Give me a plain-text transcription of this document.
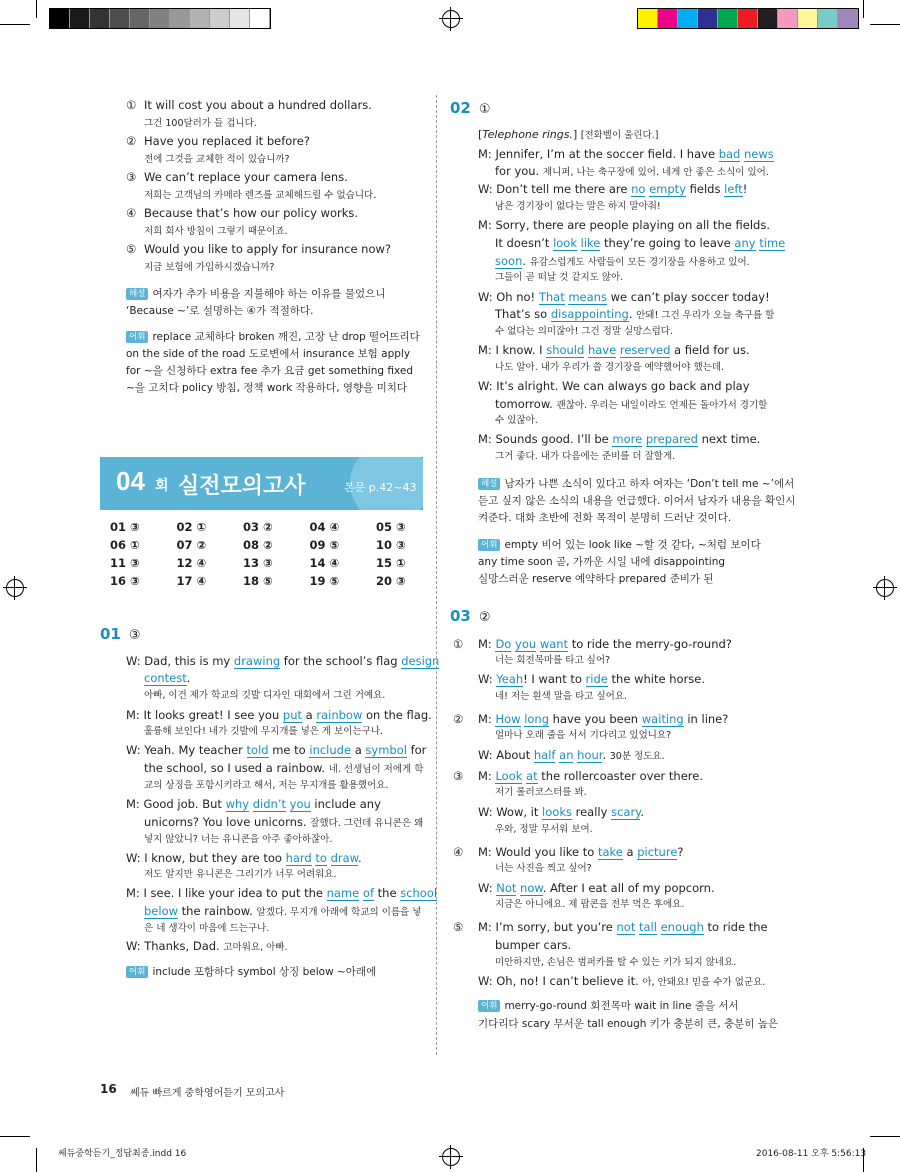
① It will cost you about a hundred dollars.
그건 100달러가 들 겁니다.
② Have you replaced it before?
전에 그것을 교체한 적이 있습니까?
③ We can’t replace your camera lens.
저희는 고객님의 카메라 렌즈를 교체해드릴 수 없습니다.
④ Because that’s how our policy works.
저희 회사 방침이 그렇기 때문이죠.
⑤ Would you like to apply for insurance now?
지금 보험에 가입하시겠습니까?
해설 여자가 추가 비용을 지불해야 하는 이유를 물었으니
‘Because ~’로 설명하는 ④가 적절하다.
어휘 replace 교체하다 broken 깨진, 고장 난 drop 떨어뜨리다
on the side of the road 도로변에서 insurance 보험 apply
for ~을 신청하다 extra fee 추가 요금 get something fixed
~을 고치다 policy 방침, 정책 work 작용하다, 영향을 미치다
04 회 실전모의고사	본문 p.42~43
01 ③	02 ①	03 ②	04 ④	05 ③
06 ①	07 ②	08 ②	09 ⑤	10 ③
11 ③	12 ④	13 ③	14 ④	15 ①
16 ③	17 ④	18 ⑤	19 ⑤	20 ③
01 ③
W: Dad, this is my drawing for the school’s flag design
contest.
아빠, 이건 제가 학교의 깃발 디자인 대회에서 그린 거예요.
M: It looks great! I see you put a rainbow on the flag.
훌륭해 보인다! 네가 깃발에 무지개를 넣은 게 보이는구나.
W: Yeah. My teacher told me to include a symbol for
the school, so I used a rainbow. 네. 선생님이 저에게 학
교의 상징을 포함시키라고 해서, 저는 무지개를 활용했어요.
M: Good job. But why didn’t you include any
unicorns? You love unicorns. 잘했다. 그런데 유니콘은 왜
넣지 않았니? 너는 유니콘을 아주 좋아하잖아.
W: I know, but they are too hard to draw.
저도 알지만 유니콘은 그리기가 너무 어려워요.
M: I see. I like your idea to put the name of the school
below the rainbow. 알겠다. 무지개 아래에 학교의 이름을 넣
은 네 생각이 마음에 드는구나.
W: Thanks, Dad. 고마워요, 아빠.
어휘 include 포함하다 symbol 상징 below ~아래에
02 ①
[Telephone rings.] [전화벨이 울린다.]
M: Jennifer, I’m at the soccer field. I have bad news
for you. 제니퍼, 나는 축구장에 있어. 네게 안 좋은 소식이 있어.
W: Don’t tell me there are no empty fields left!
남은 경기장이 없다는 말은 하지 말아줘!
M: Sorry, there are people playing on all the fields.
It doesn’t look like they’re going to leave any time
soon. 유감스럽게도 사람들이 모든 경기장을 사용하고 있어.
그들이 곧 떠날 것 같지도 않아.
W: Oh no! That means we can’t play soccer today!
That’s so disappointing. 안돼! 그건 우리가 오늘 축구를 할
수 없다는 의미잖아! 그건 정말 실망스럽다.
M: I know. I should have reserved a field for us.
나도 알아. 내가 우리가 쓸 경기장을 예약했어야 했는데.
W: It’s alright. We can always go back and play
tomorrow. 괜찮아. 우리는 내일이라도 언제든 돌아가서 경기할
수 있잖아.
M: Sounds good. I’ll be more prepared next time.
그거 좋다. 내가 다음에는 준비를 더 잘할게.
해설 남자가 나쁜 소식이 있다고 하자 여자는 ‘Don’t tell me ~’에서
듣고 싶지 않은 소식의 내용을 언급했다. 이어서 남자가 내용을 확인시
켜준다. 대화 초반에 전화 목적이 분명히 드러난 것이다.
어휘 empty 비어 있는 look like ~할 것 같다, ~처럼 보이다
any time soon 곧, 가까운 시일 내에 disappointing
실망스러운 reserve 예약하다 prepared 준비가 된
03 ②
① M: Do you want to ride the merry-go-round?
너는 회전목마를 타고 싶어?
W: Yeah! I want to ride the white horse.
네! 저는 흰색 말을 타고 싶어요.
② M: How long have you been waiting in line?
얼마나 오래 줄을 서서 기다리고 있었니요?
W: About half an hour. 30분 정도요.
③ M: Look at the rollercoaster over there.
저기 롤러코스터를 봐.
W: Wow, it looks really scary.
우와, 정말 무서워 보여.
④ M: Would you like to take a picture?
너는 사진을 찍고 싶어?
W: Not now. After I eat all of my popcorn.
지금은 아니에요. 제 팝콘을 전부 먹은 후에요.
⑤ M: I’m sorry, but you’re not tall enough to ride the
bumper cars.
미안하지만, 손님은 범퍼카를 탈 수 있는 키가 되지 않네요.
W: Oh, no! I can’t believe it. 아, 안돼요! 믿을 수가 없군요.
어휘 merry-go-round 회전목마 wait in line 줄을 서서
기다리다 scary 무서운 tall enough 키가 충분히 큰, 충분히 높은
16 쎄듀 빠르게 중학영어듣기 모의고사
쎄듀중학듣기_정답최종.indd 16	2016-08-11 오후 5:56:13
